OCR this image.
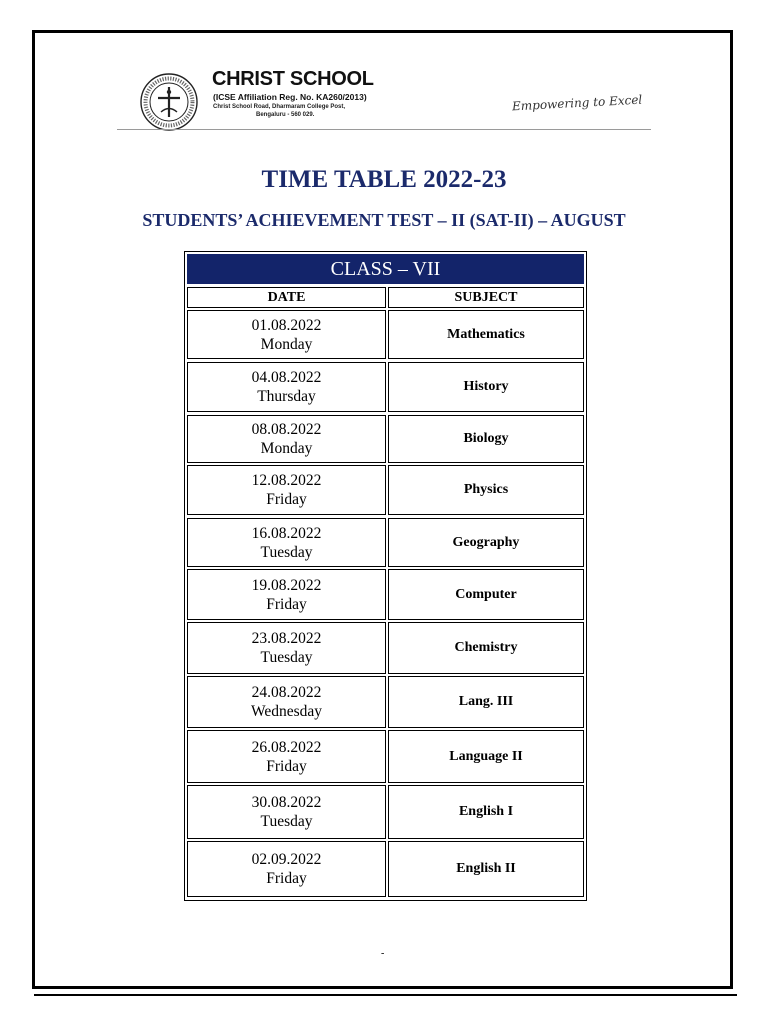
CHRIST SCHOOL
(ICSE Affiliation Reg. No. KA260/2013)
Christ School Road, Dharmaram College Post,
Bengaluru - 560 029.
Empowering to Excel
TIME TABLE 2022-23
STUDENTS’ ACHIEVEMENT TEST – II (SAT-II) – AUGUST
CLASS – VII
DATE	SUBJECT
01.08.2022
Monday
Mathematics
04.08.2022
Thursday
History
08.08.2022
Monday
Biology
12.08.2022
Friday
Physics
16.08.2022
Tuesday
Geography
19.08.2022
Friday
Computer
23.08.2022
Tuesday
Chemistry
24.08.2022
Wednesday
Lang. III
26.08.2022
Friday
Language II
30.08.2022
Tuesday
English I
02.09.2022
Friday
English II
-
